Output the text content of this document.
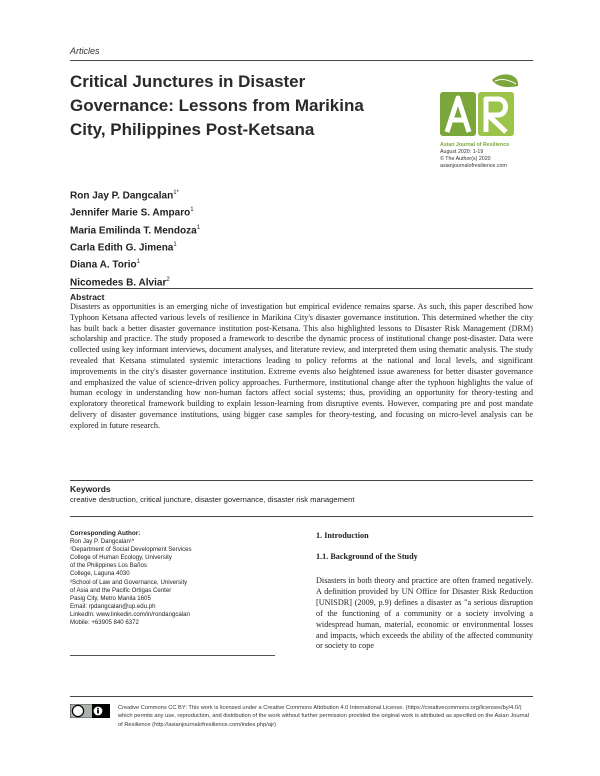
Articles
Critical Junctures in Disaster Governance: Lessons from Marikina City, Philippines Post-Ketsana
Asian Journal of Resilience
August 2020: 1-19
© The Author(s) 2020
asianjournalofresilience.com
Ron Jay P. Dangcalan$^{1*}$
Jennifer Marie S. Amparo$^1$
Maria Emilinda T. Mendoza$^1$
Carla Edith G. Jimena$^1$
Diana A. Torio$^1$
Nicomedes B. Alviar$^2$
Abstract
Disasters as opportunities is an emerging niche of investigation but empirical evidence remains sparse. As such, this paper described how Typhoon Ketsana affected various levels of resilience in Marikina City's disaster governance institution. This determined whether the city has built back a better disaster governance institution post-Ketsana. This also highlighted lessons to Disaster Risk Management (DRM) scholarship and practice. The study proposed a framework to describe the dynamic process of institutional change post-disaster. Data were collected using key informant interviews, document analyses, and literature review, and interpreted them using thematic analysis. The study revealed that Ketsana stimulated systemic interactions leading to policy reforms at the national and local levels, and significant improvements in the city's disaster governance institution. Extreme events also heightened issue awareness for better disaster governance and emphasized the value of science-driven policy approaches. Furthermore, institutional change after the typhoon highlights the value of human ecology in understanding how non-human factors affect social systems; thus, providing an opportunity for theory-testing and exploratory theoretical framework building to explain lesson-learning from disruptive events. However, comparing pre and post mandate delivery of disaster governance institutions, using bigger case samples for theory-testing, and focusing on micro-level analysis can be explored in future research.
Keywords
creative destruction, critical juncture, disaster governance, disaster risk management
Corresponding Author:
Ron Jay P. Dangcalan¹*
¹Department of Social Development Services
College of Human Ecology, University
of the Philippines Los Baños
College, Laguna 4030
²School of Law and Governance, University
of Asia and the Pacific Ortigas Center
Pasig City, Metro Manila 1605
Email: rpdangcalan@up.edu.ph
LinkedIn: www.linkedin.com/in/rondangcalan
Mobile: +63905 840 6372
1. Introduction
1.1. Background of the Study
Disasters in both theory and practice are often framed negatively. A definition provided by UN Office for Disaster Risk Reduction [UNISDR] (2009, p.9) defines a disaster as "a serious disruption of the functioning of a community or a society involving a widespread human, material, economic or environmental losses and impacts, which exceeds the ability of the affected community or society to cope
Creative Commons CC BY: This work is licensed under a Creative Commons Attribution 4.0 International License. (https://creativecommons.org/licenses/by/4.0/) which permits any use, reproduction, and distribution of the work without further permission provided the original work is attributed as specified on the Asian Journal of Resilience (http://asianjournalofresilience.com/index.php/ajr)
